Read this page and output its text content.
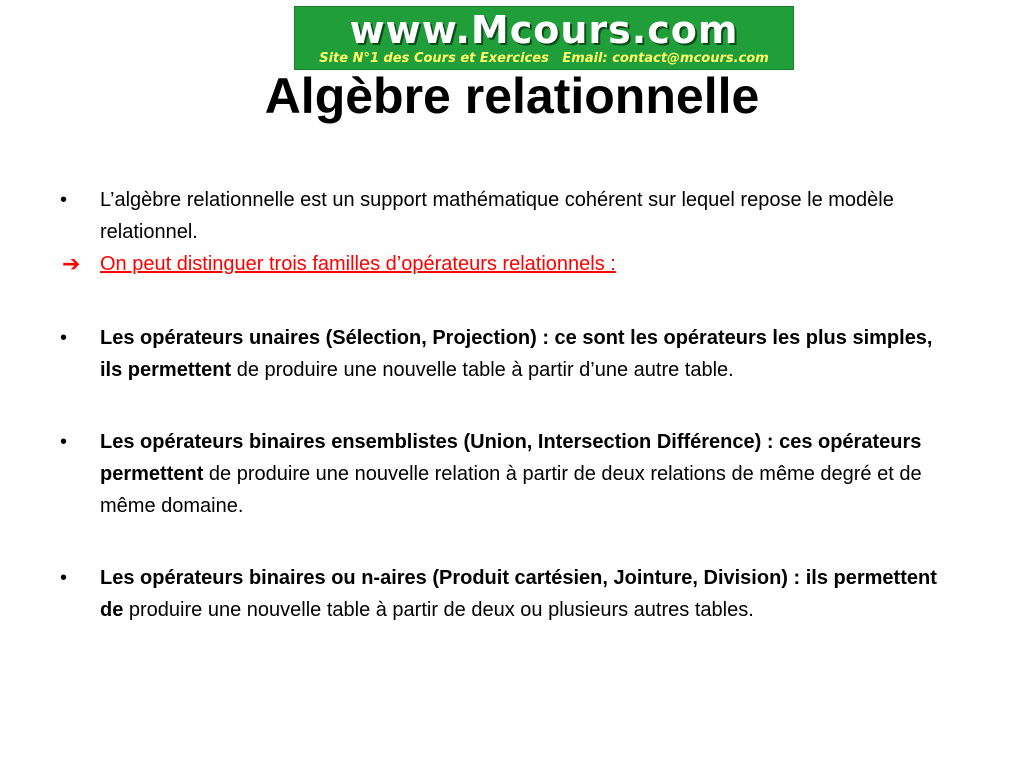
www.Mcours.com
Site N°1 des Cours et Exercices   Email: contact@mcours.com
Algèbre relationnelle
• L’algèbre relationnelle est un support mathématique cohérent sur lequel repose le modèle relationnel.
➔ On peut distinguer trois familles d’opérateurs relationnels :
• Les opérateurs unaires (Sélection, Projection) : ce sont les opérateurs les plus simples, ils permettent de produire une nouvelle table à partir d’une autre table.
• Les opérateurs binaires ensemblistes (Union, Intersection Différence) : ces opérateurs permettent de produire une nouvelle relation à partir de deux relations de même degré et de même domaine.
• Les opérateurs binaires ou n-aires (Produit cartésien, Jointure, Division) : ils permettent de produire une nouvelle table à partir de deux ou plusieurs autres tables.
